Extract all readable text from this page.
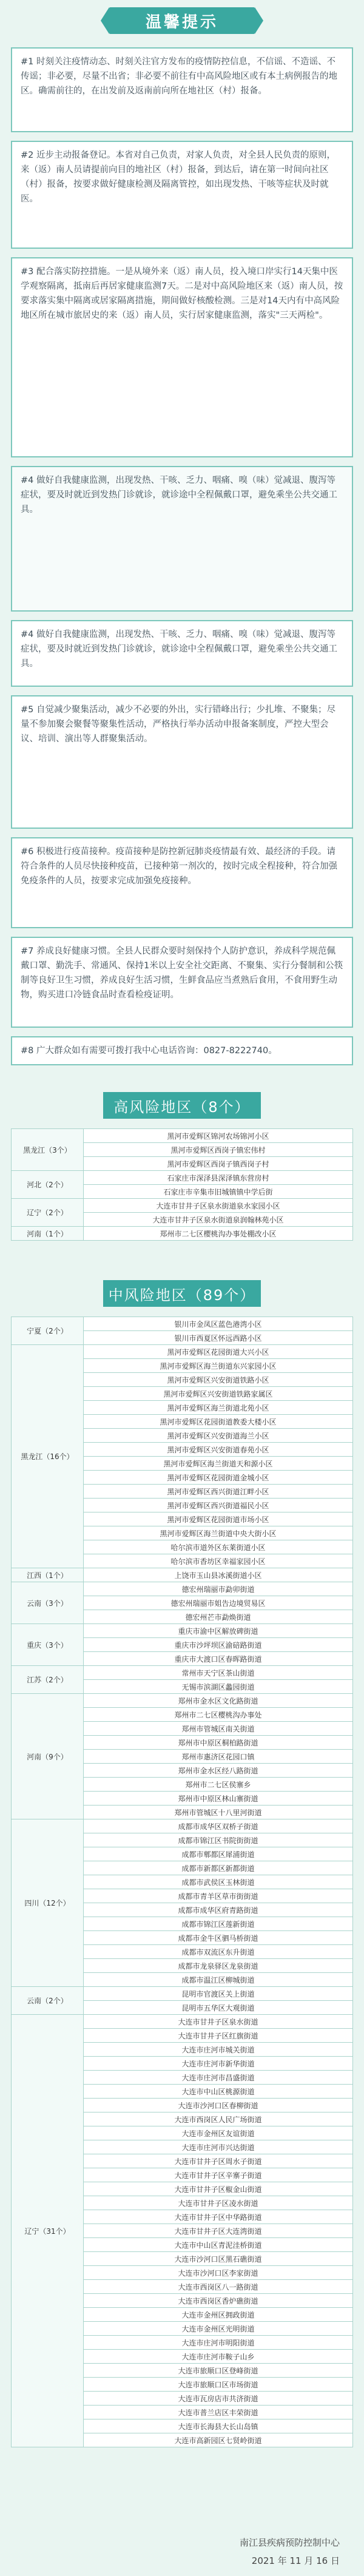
温馨提示
#1 时刻关注疫情动态、时刻关注官方发布的疫情防控信息，不信谣、不造谣、不传谣；非必要，尽量不出省；非必要不前往有中高风险地区或有本土病例报告的地区。确需前往的，在出发前及返南前向所在地社区（村）报备。
#2 近步主动报备登记。本省对自己负责，对家人负责，对全县人民负责的原则，来（返）南人员请提前向目的地社区（村）报备，到达后，请在第一时间向社区（村）报备，按要求做好健康检测及隔离管控，如出现发热、干咳等症状及时就医。
#3 配合落实防控措施。一是从境外来（返）南人员，投入境口岸实行14天集中医学观察隔离，抵南后再居家健康监测7天。二是对中高风险地区来（返）南人员，按要求落实集中隔离或居家隔离措施，期间做好核酸检测。三是对14天内有中高风险地区所在城市旅居史的来（返）南人员，实行居家健康监测，落实"三天两检"。
#4 做好自我健康监测，出现发热、干咳、乏力、咽痛、嗅（味）觉减退、腹泻等症状，要及时就近到发热门诊就诊，就诊途中全程佩戴口罩，避免乘坐公共交通工具。
#4 做好自我健康监测，出现发热、干咳、乏力、咽痛、嗅（味）觉减退、腹泻等症状，要及时就近到发热门诊就诊，就诊途中全程佩戴口罩，避免乘坐公共交通工具。
#5 自觉减少聚集活动，减少不必要的外出，实行错峰出行；少扎堆、不聚集；尽量不参加聚会聚餐等聚集性活动，严格执行举办活动申报备案制度，严控大型会议、培训、演出等人群聚集活动。
#6 积极进行疫苗接种。疫苗接种是防控新冠肺炎疫情最有效、最经济的手段。请符合条件的人员尽快接种疫苗，已接种第一剂次的，按时完成全程接种，符合加强免疫条件的人员，按要求完成加强免疫接种。
#7 养成良好健康习惯。全县人民群众要时刻保持个人防护意识，养成科学规范佩戴口罩、勤洗手、常通风、保持1米以上安全社交距离、不聚集、实行分餐制和公筷制等良好卫生习惯，养成良好生活习惯，生鲜食品应当煮熟后食用，不食用野生动物，购买进口冷链食品时查看检疫证明。
#8 广大群众如有需要可拨打我中心电话咨询：0827-8222740。
高风险地区（8个）
黑龙江（3个）	黑河市爱辉区锦河农场锦河小区
	黑河市爱辉区西岗子镇宏伟村
	黑河市爱辉区西岗子镇西岗子村
河北（2个）	石家庄市深泽县深泽镇东营房村
	石家庄市辛集市旧城镇镇中学后街
辽宁（2个）	大连市甘井子区泉水街道泉水家园小区
	大连市甘井子区泉水街道泉润翰林苑小区
河南（1个）	郑州市二七区樱桃沟办事处棚改小区
中风险地区（89个）
宁夏（2个）	银川市金凤区蓝色港湾小区
	银川市西夏区怀远西路小区
黑龙江（16个）	黑河市爱辉区花园街道大兴小区
	黑河市爱辉区海兰街道东兴家园小区
	黑河市爱辉区兴安街道铁路小区
	黑河市爱辉区兴安街道铁路家属区
	黑河市爱辉区海兰街道北苑小区
	黑河市爱辉区花园街道教委大楼小区
	黑河市爱辉区兴安街道海兰小区
	黑河市爱辉区兴安街道春苑小区
	黑河市爱辉区海兰街道天和源小区
	黑河市爱辉区花园街道金城小区
	黑河市爱辉区西兴街道江畔小区
	黑河市爱辉区西兴街道福民小区
	黑河市爱辉区花园街道市场小区
	黑河市爱辉区海兰街道中央大街小区
	哈尔滨市道外区东莱街道小区
	哈尔滨市香坊区幸福家园小区
江西（1个）	上饶市玉山县冰溪街道小区
云南（3个）	德宏州瑞丽市勐卯街道
	德宏州瑞丽市姐告边境贸易区
	德宏州芒市勐焕街道
重庆（3个）	重庆市渝中区解放碑街道
	重庆市沙坪坝区渝碚路街道
	重庆市大渡口区春晖路街道
江苏（2个）	常州市天宁区茶山街道
	无锡市滨湖区蠡园街道
河南（9个）	郑州市金水区文化路街道
	郑州市二七区樱桃沟办事处
	郑州市管城区南关街道
	郑州市中原区桐柏路街道
	郑州市惠济区花园口镇
	郑州市金水区经八路街道
	郑州市二七区侯寨乡
	郑州市中原区林山寨街道
	郑州市管城区十八里河街道
四川（12个）	成都市成华区双桥子街道
	成都市锦江区书院街街道
	成都市郫都区犀浦街道
	成都市新都区新都街道
	成都市武侯区玉林街道
	成都市青羊区草市街街道
	成都市成华区府青路街道
	成都市锦江区莲新街道
	成都市金牛区驷马桥街道
	成都市双流区东升街道
	成都市龙泉驿区龙泉街道
	成都市温江区柳城街道
云南（2个）	昆明市官渡区关上街道
	昆明市五华区大观街道
辽宁（31个）	大连市甘井子区泉水街道
	大连市甘井子区红旗街道
	大连市庄河市城关街道
	大连市庄河市新华街道
	大连市庄河市昌盛街道
	大连市中山区桃源街道
	大连市沙河口区春柳街道
	大连市西岗区人民广场街道
	大连市金州区友谊街道
	大连市庄河市兴达街道
	大连市甘井子区周水子街道
	大连市甘井子区辛寨子街道
	大连市甘井子区椒金山街道
	大连市甘井子区凌水街道
	大连市甘井子区中华路街道
	大连市甘井子区大连湾街道
	大连市中山区青泥洼桥街道
	大连市沙河口区黑石礁街道
	大连市沙河口区李家街道
	大连市西岗区八一路街道
	大连市西岗区香炉礁街道
	大连市金州区拥政街道
	大连市金州区光明街道
	大连市庄河市明阳街道
	大连市庄河市鞍子山乡
	大连市旅顺口区登峰街道
	大连市旅顺口区市场街道
	大连市瓦房店市共济街道
	大连市普兰店区丰荣街道
	大连市长海县大长山岛镇
	大连市高新园区七贤岭街道
南江县疾病预防控制中心
2021 年 11 月 16 日
